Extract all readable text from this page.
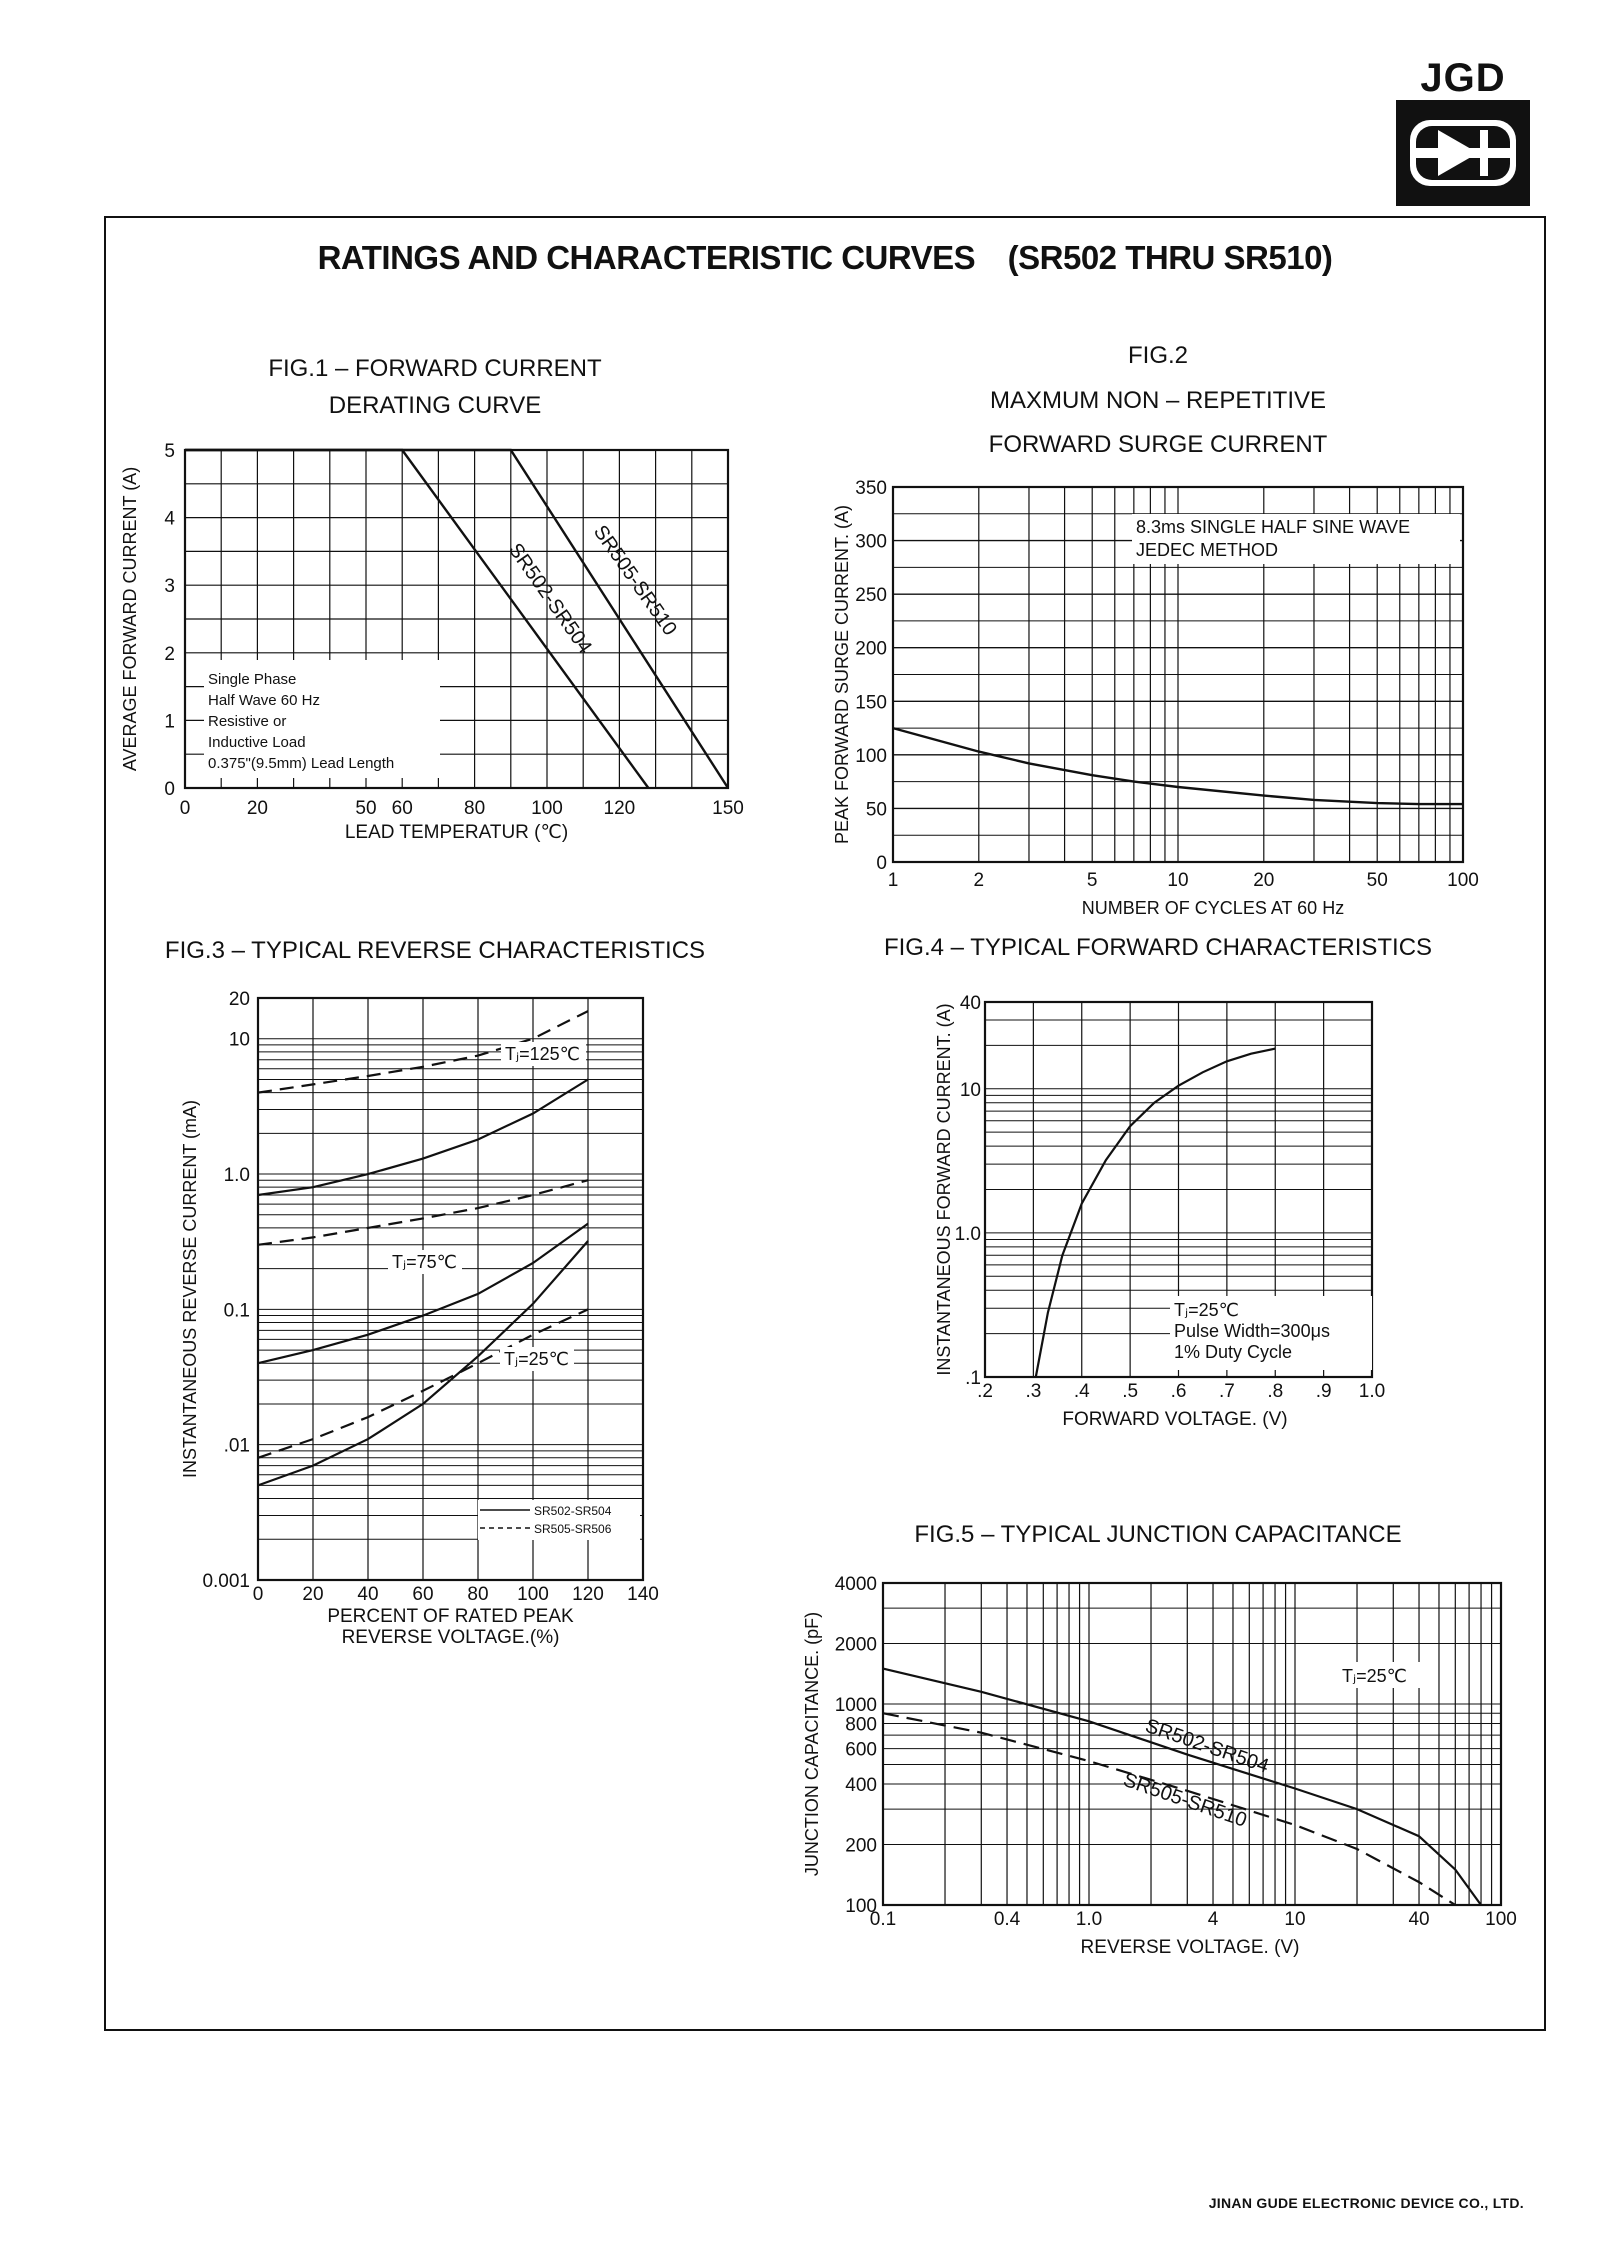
JGD
RATINGS AND CHARACTERISTIC CURVES　(SR502 THRU SR510)
FIG.1 – FORWARD CURRENT
DERATING CURVE
0	20	50 60	80 100 120	150
0
1
2
3
4
5
LEAD TEMPERATUR (℃)
AVERAGE FORWARD CURRENT (A)	Single Phase
Half Wave 60 Hz
Resistive or
Inductive Load
0.375"(9.5mm) Lead Length
SR502-SR504
SR505-SR510
FIG.2
MAXMUM NON – REPETITIVE
FORWARD SURGE CURRENT
1	2	5	10	20	50	100
0
50
100
150
200
250
300
350
NUMBER OF CYCLES AT 60 Hz
PEAK FORWARD SURGE CURRENT. (A)	8.3ms SINGLE HALF SINE WAVE
JEDEC METHOD
FIG.3 – TYPICAL REVERSE CHARACTERISTICS
0 20 40 60 80 100 120 140
0.001
.01
0.1
1.0
10
20
PERCENT OF RATED PEAK
REVERSE VOLTAGE.(%)
INSTANTANEOUS REVERSE CURRENT (mA)
Tⱼ=125℃
Tⱼ=75℃
Tⱼ=25℃
SR502-SR504
SR505-SR506
FIG.4 – TYPICAL FORWARD CHARACTERISTICS
.2 .3 .4 .5 .6 .7 .8 .9 1.0
.1
1.0
10
40
FORWARD VOLTAGE. (V)
INSTANTANEOUS FORWARD CURRENT. (A)	Tⱼ=25℃
Pulse Width=300μs
1% Duty Cycle
FIG.5 – TYPICAL JUNCTION CAPACITANCE
0.1	0.4	1.0	4	10	40	100
100
200
400
600
800
1000
2000
4000
REVERSE VOLTAGE. (V)
JUNCTION CAPACITANCE. (pF)	Tⱼ=25℃
SR502-SR504
SR505-SR510
JINAN GUDE ELECTRONIC DEVICE CO., LTD.
